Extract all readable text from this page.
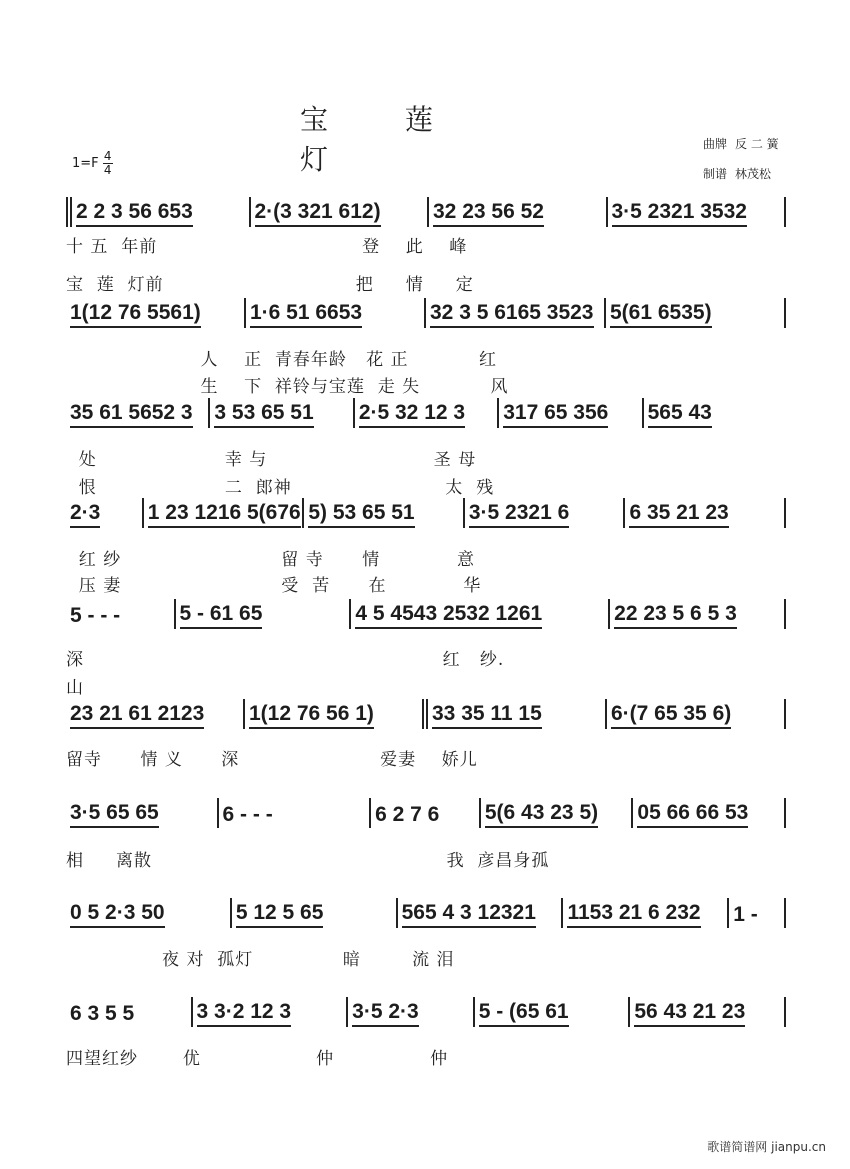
宝 莲 灯
$1=F \frac{4}{4}$
曲牌 反 二 簧
制谱 林茂松
2 2 3 56 653	2·(3 321 612) 32 23 56 52	3·5 2321 3532
十 五  年前                                登    此    峰
宝  莲  灯前                              把     情     定
1(12 76 5561) 1·6 51 6653	32 3 5 6165 3523 5(61 6535)
人    正  青春年龄   花 正           红
生    下  祥铃与宝莲  走 失           风
35 61 5652 3 3 53 65 51 2·5 32 12 3 317 65 356 565 43
处                    幸 与                          圣 母
恨                    二  郎神                        太  残
2·3 1 23 1216 5(676 5) 53 65 51	3·5 2321 6	6 35 21 23
红 纱                         留 寺      情            意
压 妻                         受  苦      在            华
5 - - -	5 - 61 65	4 5 4543 2532 1261	22 23 5 6 5 3
深                                                        红   纱.
山
23 21 61 2123 1(12 76 56 1)	33 35 11 15	6·(7 65 35 6)
留寺      情 义      深                      爱妻    娇儿
3·5 65 65	6 - - -	6 2 7 6 5(6 43 23 5) 05 66 66 53
相     离散                                              我  彦昌身孤
0 5 2·3 50	5 12 5 65	565 4 3 12321 1153 21 6 232 1 -
夜 对  孤灯              暗        流 泪
6 3 5 5	3 3·2 12 3	3·5 2·3	5 - (65 61	56 43 21 23
四望红纱       优                  仲               仲
歌谱简谱网 jianpu.cn
